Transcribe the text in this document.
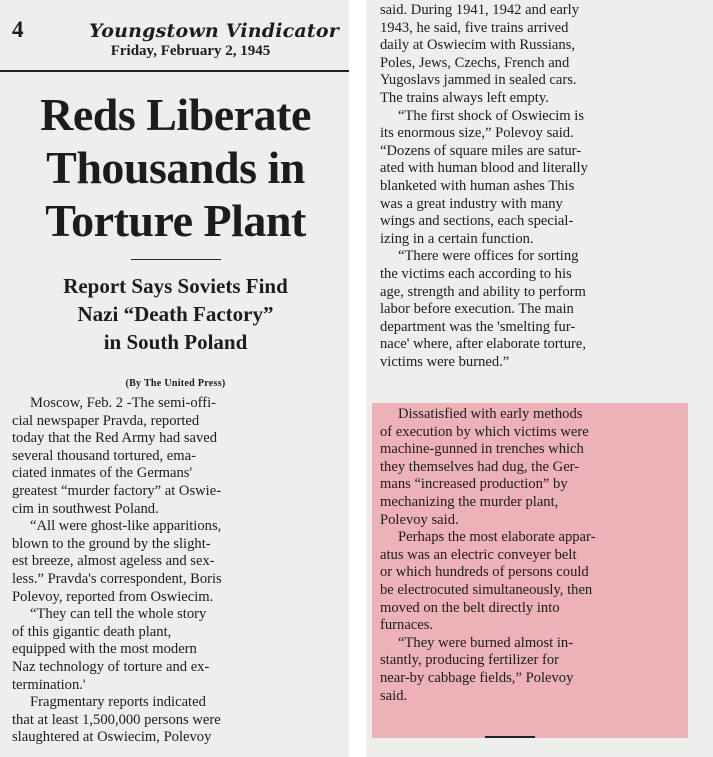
4	Youngstown Vindicator
Friday, February 2, 1945
Reds Liberate
Thousands in
Torture Plant
Report Says Soviets Find
Nazi “Death Factory”
in South Poland
(By The United Press)
Moscow, Feb. 2 -The semi-offi-
cial newspaper Pravda, reported
today that the Red Army had saved
several thousand tortured, ema-
ciated inmates of the Germans'
greatest “murder factory” at Oswie-
cim in southwest Poland.
“All were ghost-like apparitions,
blown to the ground by the slight-
est breeze, almost ageless and sex-
less.” Pravda's correspondent, Boris
Polevoy, reported from Oswiecim.
“They can tell the whole story
of this gigantic death plant,
equipped with the most modern
Naz technology of torture and ex-
termination.'
Fragmentary reports indicated
that at least 1,500,000 persons were
slaughtered at Oswiecim, Polevoy
said. During 1941, 1942 and early
1943, he said, five trains arrived
daily at Oswiecim with Russians,
Poles, Jews, Czechs, French and
Yugoslavs jammed in sealed cars.
The trains always left empty.
“The first shock of Oswiecim is
its enormous size,” Polevoy said.
“Dozens of square miles are satur-
ated with human blood and literally
blanketed with human ashes This
was a great industry with many
wings and sections, each special-
izing in a certain function.
“There were offices for sorting
the victims each according to his
age, strength and ability to perform
labor before execution. The main
department was the 'smelting fur-
nace' where, after elaborate torture,
victims were burned.”
Dissatisfied with early methods
of execution by which victims were
machine-gunned in trenches which
they themselves had dug, the Ger-
mans “increased production” by
mechanizing the murder plant,
Polevoy said.
Perhaps the most elaborate appar-
atus was an electric conveyer belt
or which hundreds of persons could
be electrocuted simultaneously, then
moved on the belt directly into
furnaces.
“They were burned almost in-
stantly, producing fertilizer for
near-by cabbage fields,” Polevoy
said.
